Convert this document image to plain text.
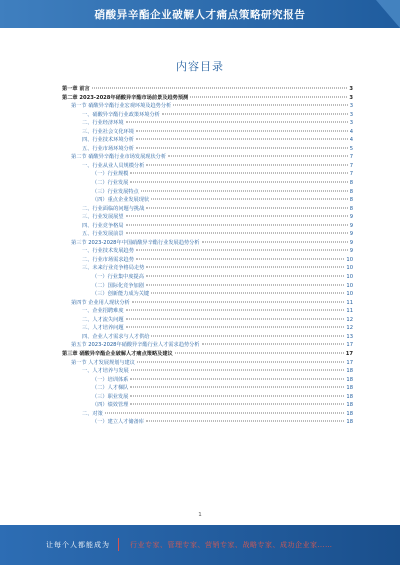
硝酸异辛酯企业破解人才痛点策略研究报告
内容目录
第一章 前言	3
第二章 2023-2028年硝酸异辛酯市场前景及趋势预测	3
第一节 硝酸异辛酯行业宏观环境及趋势分析	3
一、硝酸异辛酯行业政策环境分析	3
二、行业经济环境	3
三、行业社会文化环境	4
四、行业技术环境分析	4
五、行业市场环境分析	5
第二节 硝酸异辛酯行业市场发展现状分析	7
一、行业从业人员规模分析	7
（一）行业规模	7
（二）行业发展	8
（三）行业发展特点	8
（四）重点企业发展现状	8
二、行业面临的问题与挑战	8
三、行业发展展望	9
四、行业竞争格局	9
五、行业发展前景	9
第三节 2023-2028年中国硝酸异辛酯行业发展趋势分析	9
一、行业技术发展趋势	9
二、行业市场需求趋势	10
三、未来行业竞争格局走势	10
（一）行业集中度提高	10
（二）国际化竞争加剧	10
（三）创新能力成为关键	10
第四节 企业用人现状分析	11
一、企业招聘难度	11
二、人才流失问题	12
三、人才培养问题	12
四、企业人才需求与人才供给	13
第五节 2023-2028年硝酸异辛酯行业人才需求趋势分析	17
第三章 硝酸异辛酯企业破解人才痛点策略及建议	17
第一节 人才发展规划与建议	17
一、人才培养与发展	18
（一）培训体系	18
（二）人才梯队	18
（三）职业发展	18
（四）绩效管理	18
二、对策	18
（一）建立人才储备库	18
1
让每个人都能成为	行业专家、管理专家、营销专家、战略专家、成功企业家……
